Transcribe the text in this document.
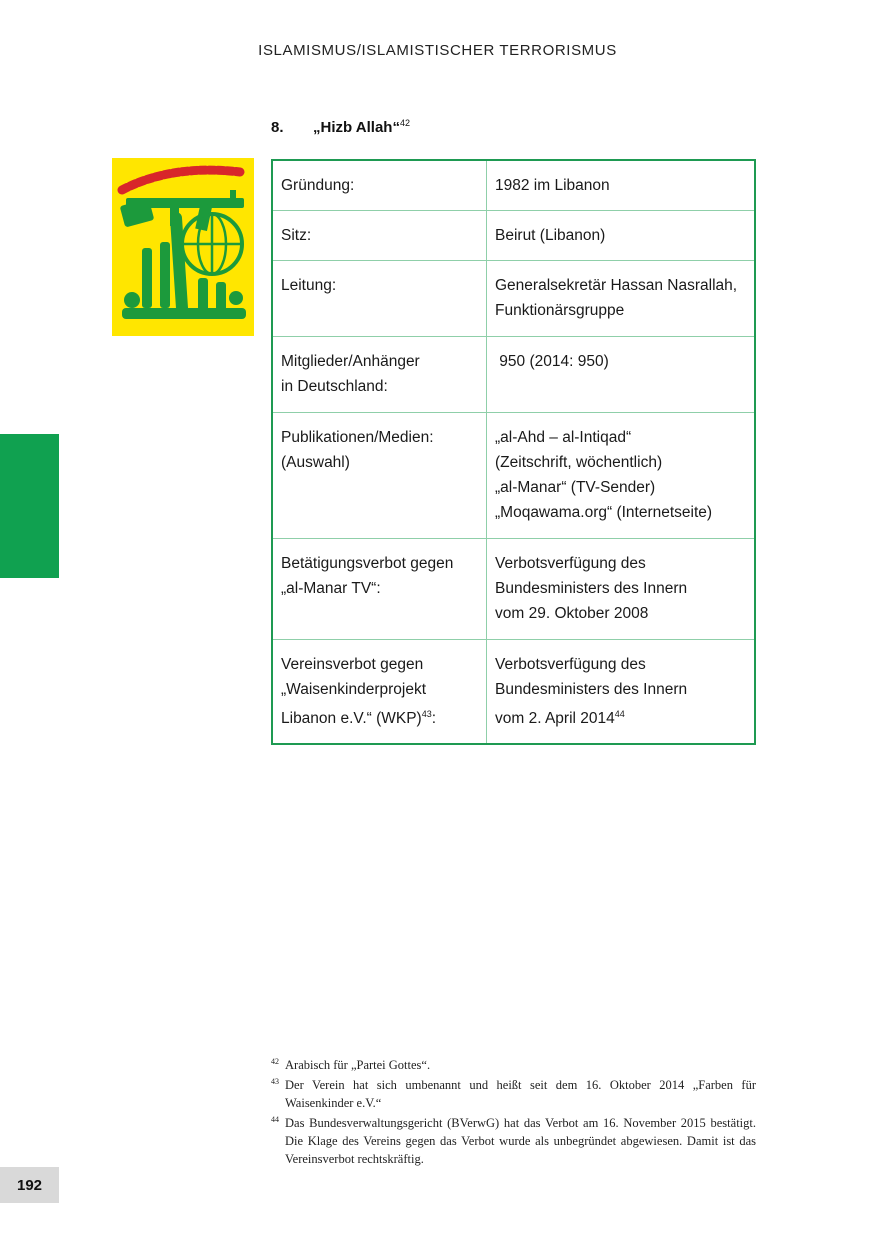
ISLAMISMUS/ISLAMISTISCHER TERRORISMUS
192
8. „Hizb Allah“$^{42}$
Gründung:	1982 im Libanon

Sitz:	Beirut (Libanon)

Leitung:	Generalsekretär Hassan Nasrallah,
Funktionärsgruppe

Mitglieder/Anhänger
in Deutschland:	950 (2014: 950)

Publikationen/Medien:
(Auswahl)	„al-Ahd – al-Intiqad“
(Zeitschrift, wöchentlich)
„al-Manar“ (TV-Sender)
„Moqawama.org“ (Internetseite)

Betätigungsverbot gegen
„al-Manar TV“:	Verbotsverfügung des
Bundesministers des Innern
vom 29. Oktober 2008

Vereinsverbot gegen
„Waisenkinderprojekt
Libanon e.V.“ (WKP)$^{43}$:	Verbotsverfügung des
Bundesministers des Innern
vom 2. April 2014$^{44}$
42 Arabisch für „Partei Gottes“.
43 Der Verein hat sich umbenannt und heißt seit dem 16. Oktober 2014 „Farben für Waisenkinder e.V.“
44 Das Bundesverwaltungsgericht (BVerwG) hat das Verbot am 16. November 2015 bestätigt. Die Klage des Vereins gegen das Verbot wurde als unbegründet abgewiesen. Damit ist das Vereinsverbot rechtskräftig.
